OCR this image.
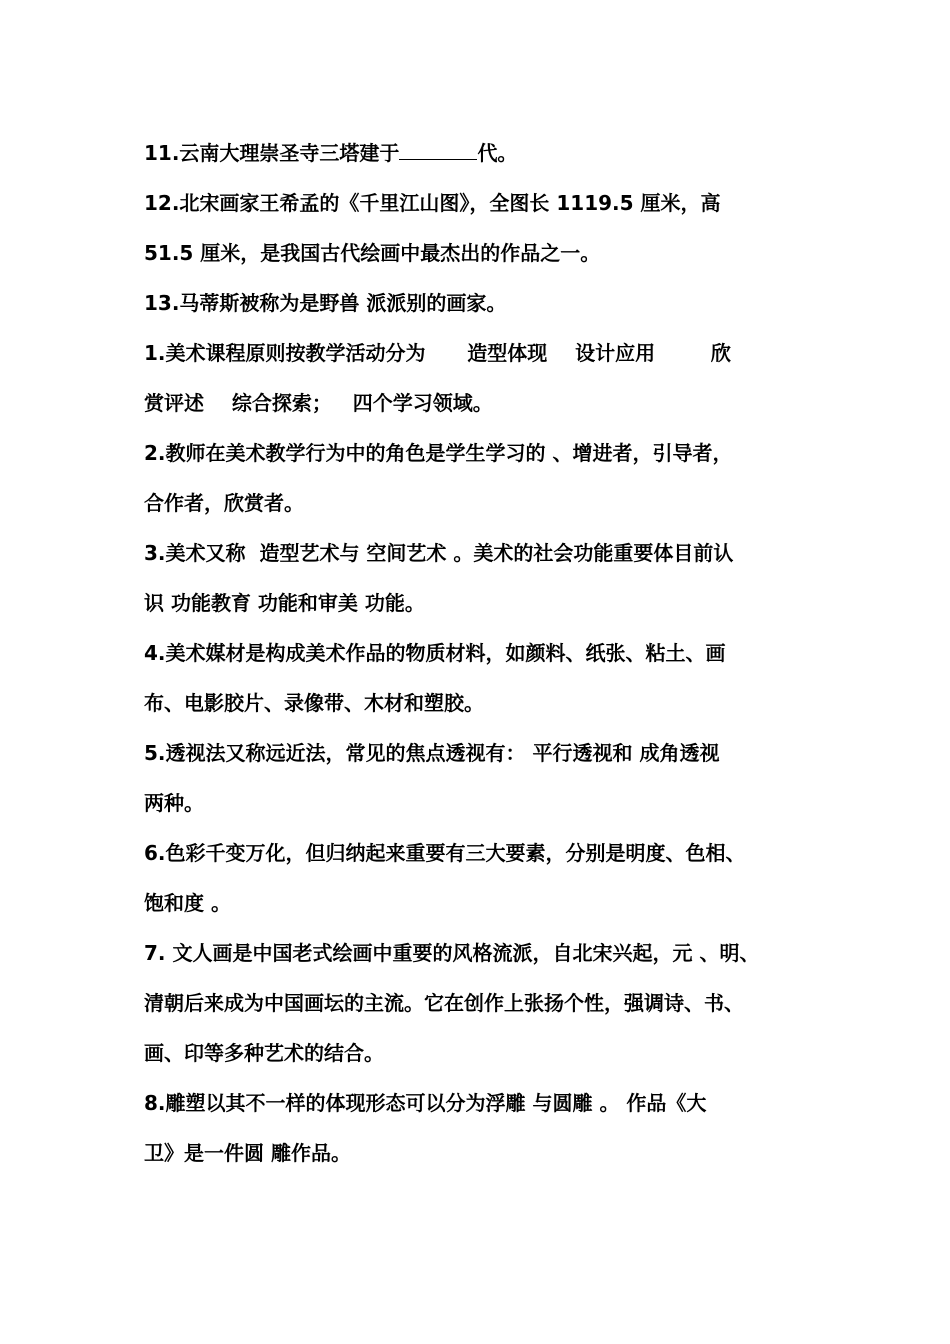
11.云南大理崇圣寺三塔建于	代。
12.北宋画家王希孟的《千里江山图》，全图长 1119.5 厘米，高
51.5 厘米，是我国古代绘画中最杰出的作品之一。
13.马蒂斯被称为是野兽 派派别的画家。
1.美术课程原则按教学活动分为      造型体现    设计应用        欣
赏评述    综合探索；   四个学习领域。
2.教师在美术教学行为中的角色是学生学习的 、增进者，引导者，
合作者，欣赏者。
3.美术又称  造型艺术与 空间艺术 。美术的社会功能重要体目前认
识 功能教育 功能和审美 功能。
4.美术媒材是构成美术作品的物质材料，如颜料、纸张、粘土、画
布、电影胶片、录像带、木材和塑胶。
5.透视法又称远近法，常见的焦点透视有： 平行透视和 成角透视
两种。
6.色彩千变万化，但归纳起来重要有三大要素，分别是明度、色相、
饱和度 。
7. 文人画是中国老式绘画中重要的风格流派，自北宋兴起，元 、明、
清朝后来成为中国画坛的主流。它在创作上张扬个性，强调诗、书、
画、印等多种艺术的结合。
8.雕塑以其不一样的体现形态可以分为浮雕 与圆雕 。 作品《大
卫》是一件圆 雕作品。
